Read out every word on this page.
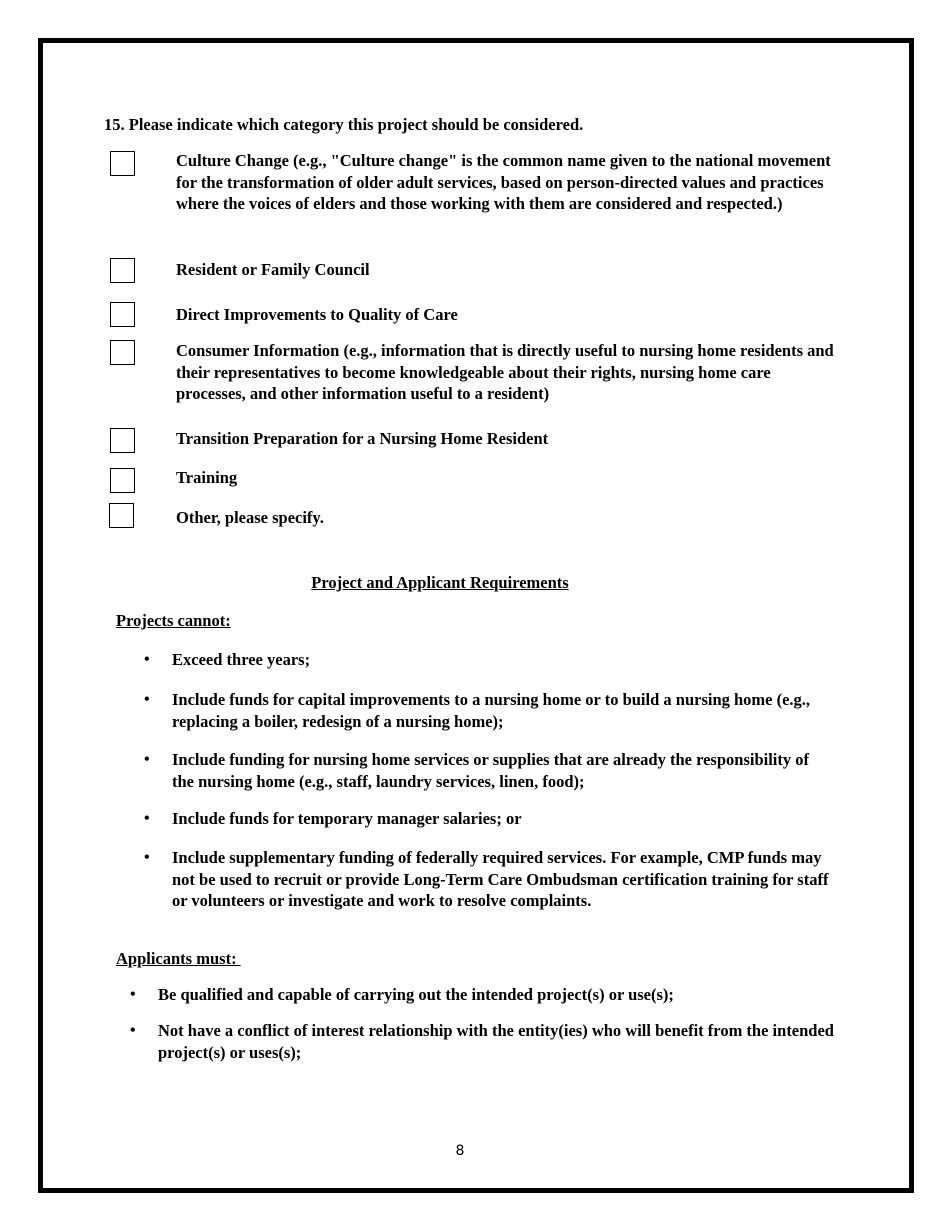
15. Please indicate which category this project should be considered.
Culture Change (e.g., "Culture change" is the common name given to the national movement for the transformation of older adult services, based on person-directed values and practices where the voices of elders and those working with them are considered and respected.)
Resident or Family Council
Direct Improvements to Quality of Care
Consumer Information (e.g., information that is directly useful to nursing home residents and their representatives to become knowledgeable about their rights, nursing home care processes, and other information useful to a resident)
Transition Preparation for a Nursing Home Resident
Training
Other, please specify.
Project and Applicant Requirements
Projects cannot:
• Exceed three years;
• Include funds for capital improvements to a nursing home or to build a nursing home (e.g., replacing a boiler, redesign of a nursing home);
• Include funding for nursing home services or supplies that are already the responsibility of the nursing home (e.g., staff, laundry services, linen, food);
• Include funds for temporary manager salaries; or
• Include supplementary funding of federally required services. For example, CMP funds may not be used to recruit or provide Long-Term Care Ombudsman certification training for staff or volunteers or investigate and work to resolve complaints.
Applicants must:
• Be qualified and capable of carrying out the intended project(s) or use(s);
• Not have a conflict of interest relationship with the entity(ies) who will benefit from the intended project(s) or uses(s);
8
